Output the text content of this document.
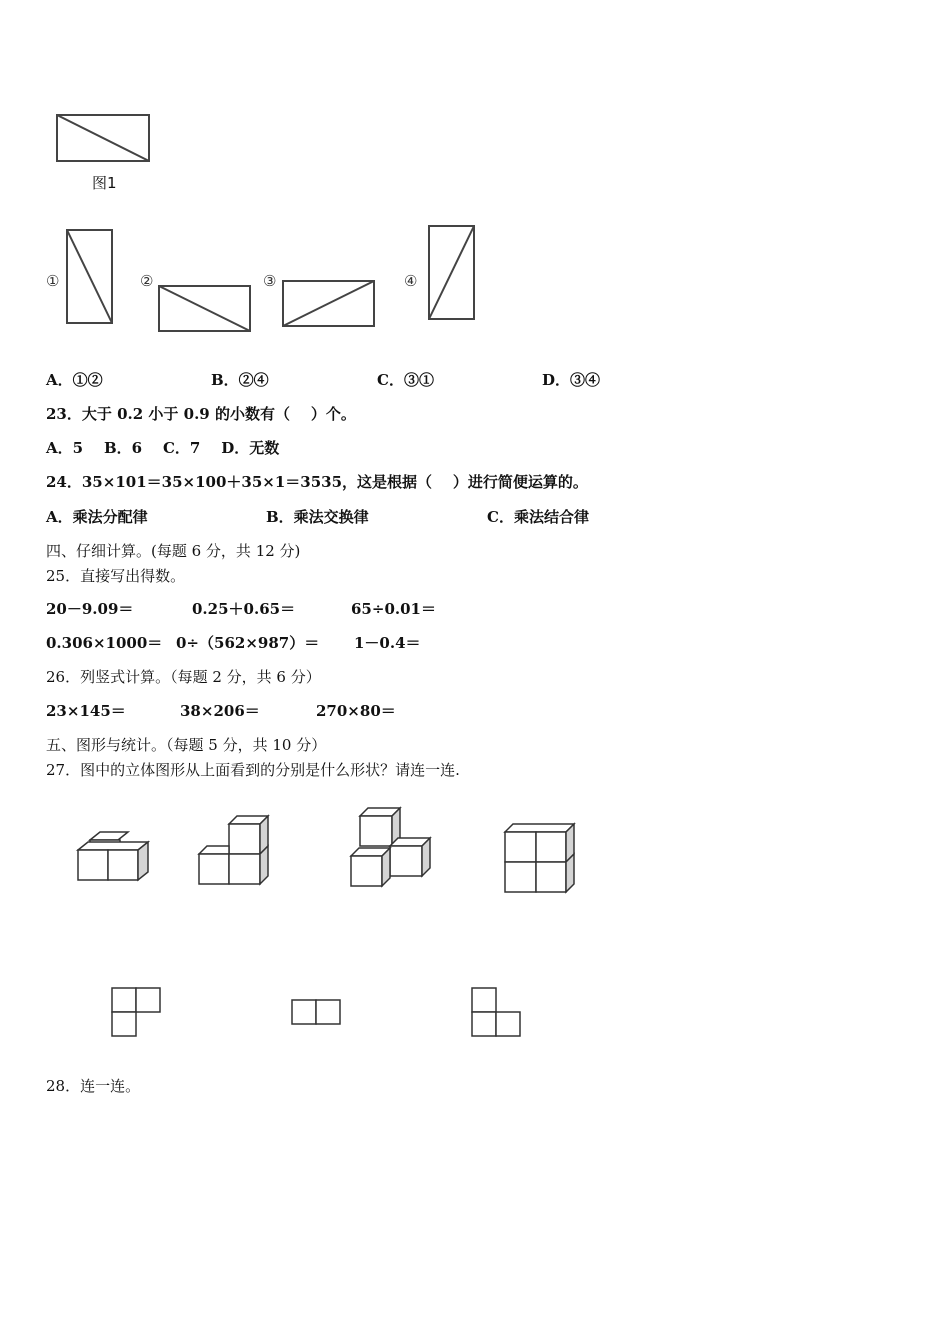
图1
①	②	③	④
A．①②	B．②④	C．③①	D．③④
23．大于 0.2 小于 0.9 的小数有（    ）个。
A．5    B．6    C．7    D．无数
24．35×101＝35×100＋35×1＝3535，这是根据（    ）进行简便运算的。
A．乘法分配律	B．乘法交换律	C．乘法结合律
四、仔细计算。(每题 6 分，共 12 分)
25．直接写出得数。
20－9.09＝	0.25＋0.65＝	65÷0.01＝
0.306×1000＝ 0÷（562×987）＝ 1－0.4＝
26．列竖式计算。（每题 2 分，共 6 分）
23×145＝	38×206＝	270×80＝
五、图形与统计。（每题 5 分，共 10 分）
27．图中的立体图形从上面看到的分别是什么形状？请连一连.
28．连一连。
